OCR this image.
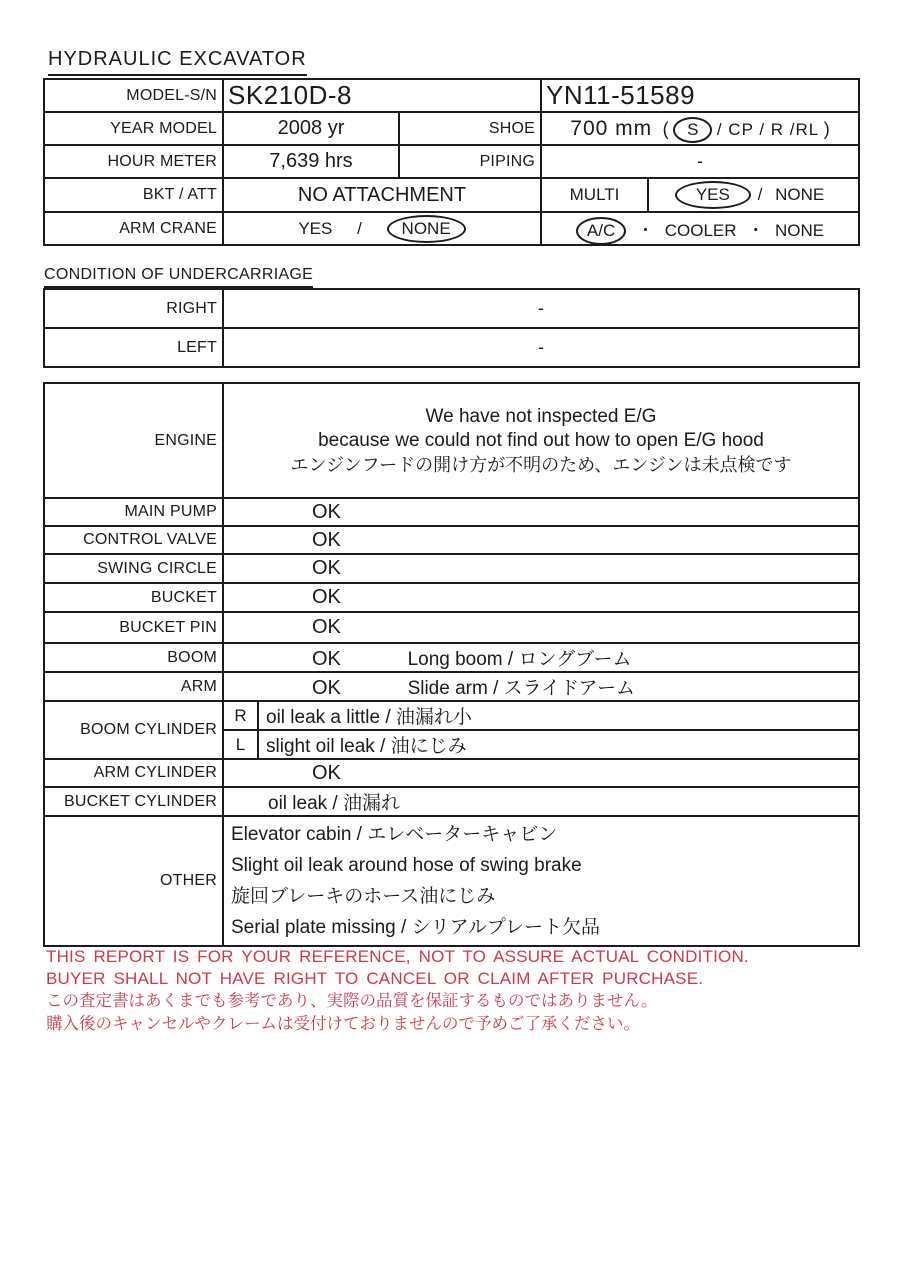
HYDRAULIC EXCAVATOR
MODEL-S/N	SK210D-8		YN11-51589	
YEAR MODEL	2008 yr	SHOE	700 mm ( S / CP / R /RL )	
HOUR METER	7,639 hrs	PIPING	-	
BKT / ATT	NO ATTACHMENT		MULTI	YES / NONE
ARM CRANE	YES / NONE		A/C ・ COOLER ・ NONE	
CONDITION OF UNDERCARRIAGE
RIGHT	-
LEFT	-
ENGINE	We have not inspected E/G
because we could not find out how to open E/G hood
エンジンフードの開け方が不明のため、エンジンは未点検です	

MAIN PUMP	OK	
CONTROL VALVE	OK	
SWING CIRCLE	OK	
BUCKET	OK	
BUCKET PIN	OK	
BOOM	OK Long boom / ロングブーム	
ARM	OK Slide arm / スライドアーム	
BOOM CYLINDER	R	oil leak a little / 油漏れ小
	L	slight oil leak / 油にじみ
ARM CYLINDER	OK	
BUCKET CYLINDER	oil leak / 油漏れ	
OTHER	Elevator cabin / エレベーターキャビン
Slight oil leak around hose of swing brake
旋回ブレーキのホース油にじみ
Serial plate missing / シリアルプレート欠品	
THIS REPORT IS FOR YOUR REFERENCE, NOT TO ASSURE ACTUAL CONDITION.
BUYER SHALL NOT HAVE RIGHT TO CANCEL OR CLAIM AFTER PURCHASE.
この査定書はあくまでも参考であり、実際の品質を保証するものではありません。
購入後のキャンセルやクレームは受付けておりませんので予めご了承ください。
